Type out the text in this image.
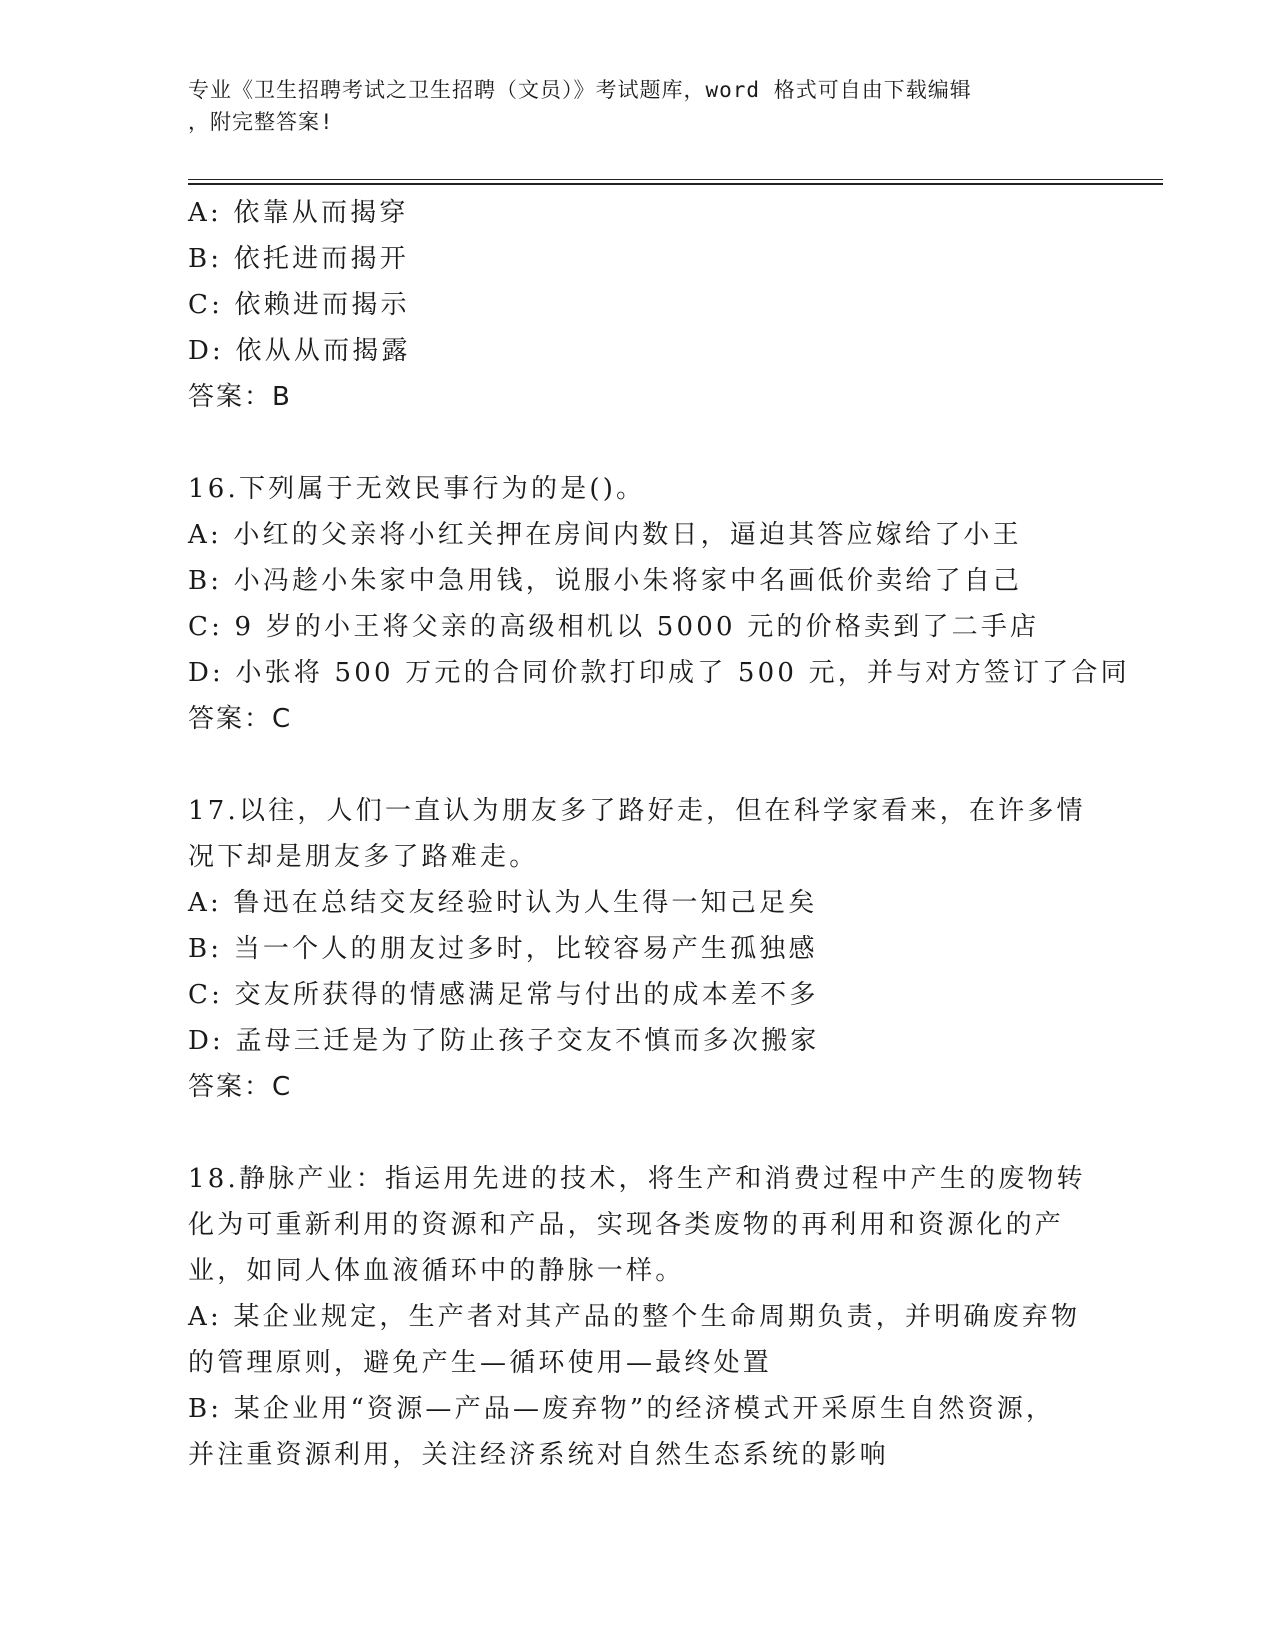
专业《卫生招聘考试之卫生招聘（文员）》考试题库，word 格式可自由下载编辑
，附完整答案!
A: 依靠从而揭穿
B: 依托进而揭开
C: 依赖进而揭示
D: 依从从而揭露
答案：B
16.下列属于无效民事行为的是()。
A: 小红的父亲将小红关押在房间内数日，逼迫其答应嫁给了小王
B: 小冯趁小朱家中急用钱，说服小朱将家中名画低价卖给了自己
C: 9 岁的小王将父亲的高级相机以 5000 元的价格卖到了二手店
D: 小张将 500 万元的合同价款打印成了 500 元，并与对方签订了合同
答案：C
17.以往，人们一直认为朋友多了路好走，但在科学家看来，在许多情
况下却是朋友多了路难走。
A: 鲁迅在总结交友经验时认为人生得一知己足矣
B: 当一个人的朋友过多时，比较容易产生孤独感
C: 交友所获得的情感满足常与付出的成本差不多
D: 孟母三迁是为了防止孩子交友不慎而多次搬家
答案：C
18.静脉产业：指运用先进的技术，将生产和消费过程中产生的废物转
化为可重新利用的资源和产品，实现各类废物的再利用和资源化的产
业，如同人体血液循环中的静脉一样。
A: 某企业规定，生产者对其产品的整个生命周期负责，并明确废弃物
的管理原则，避免产生—循环使用—最终处置
B: 某企业用“资源—产品—废弃物”的经济模式开采原生自然资源，
并注重资源利用，关注经济系统对自然生态系统的影响
